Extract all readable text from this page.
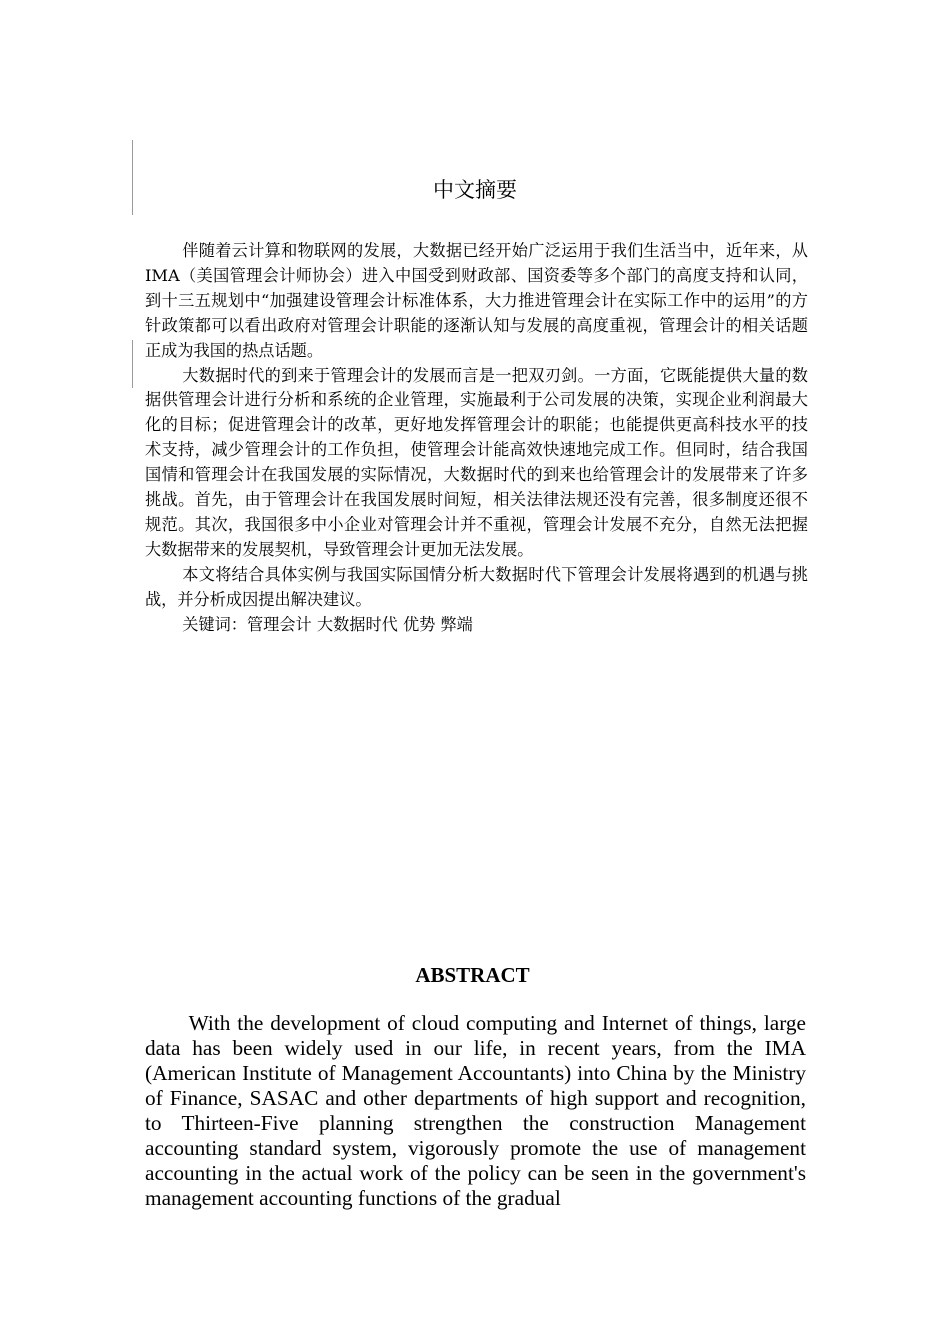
中文摘要

伴随着云计算和物联网的发展，大数据已经开始广泛运用于我们生活当中，近年来，从IMA（美国管理会计师协会）进入中国受到财政部、国资委等多个部门的高度支持和认同，到十三五规划中“加强建设管理会计标准体系，大力推进管理会计在实际工作中的运用”的方针政策都可以看出政府对管理会计职能的逐渐认知与发展的高度重视，管理会计的相关话题正成为我国的热点话题。

大数据时代的到来于管理会计的发展而言是一把双刃剑。一方面，它既能提供大量的数据供管理会计进行分析和系统的企业管理，实施最利于公司发展的决策，实现企业利润最大化的目标；促进管理会计的改革，更好地发挥管理会计的职能；也能提供更高科技水平的技术支持，减少管理会计的工作负担，使管理会计能高效快速地完成工作。但同时，结合我国国情和管理会计在我国发展的实际情况，大数据时代的到来也给管理会计的发展带来了许多挑战。首先，由于管理会计在我国发展时间短，相关法律法规还没有完善，很多制度还很不规范。其次，我国很多中小企业对管理会计并不重视，管理会计发展不充分，自然无法把握大数据带来的发展契机，导致管理会计更加无法发展。

本文将结合具体实例与我国实际国情分析大数据时代下管理会计发展将遇到的机遇与挑战，并分析成因提出解决建议。

关键词：管理会计 大数据时代 优势 弊端

ABSTRACT

With the development of cloud computing and Internet of things, large data has been widely used in our life, in recent years, from the IMA (American Institute of Management Accountants) into China by the Ministry of Finance, SASAC and other departments of high support and recognition, to Thirteen-Five planning strengthen the construction Management accounting standard system, vigorously promote the use of management accounting in the actual work of the policy can be seen in the government's management accounting functions of the gradual
